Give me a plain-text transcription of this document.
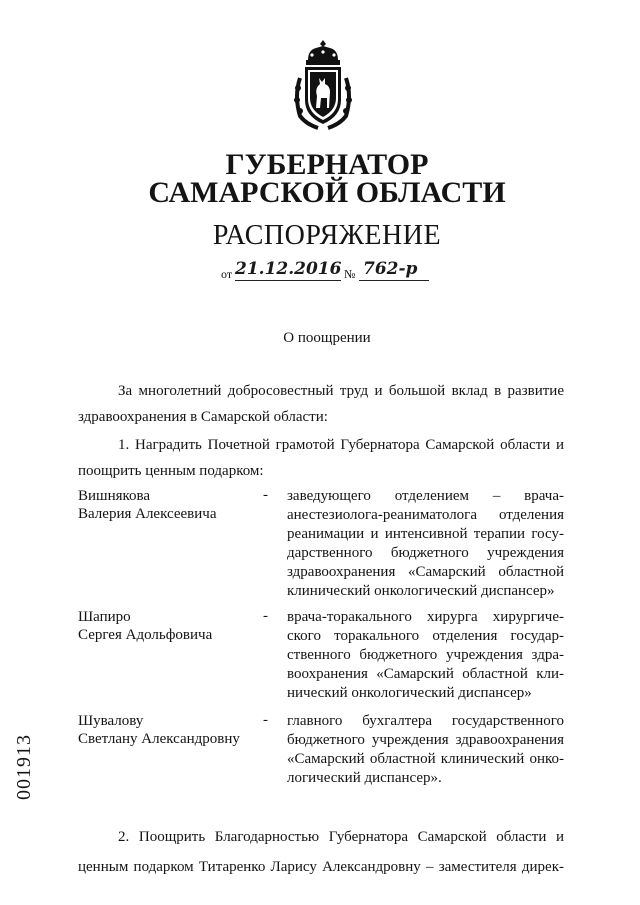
ГУБЕРНАТОР
САМАРСКОЙ ОБЛАСТИ
РАСПОРЯЖЕНИЕ
от 21.12.2016 № 762-р
О поощрении
За многолетний добросовестный труд и большой вклад в развитие
здравоохранения в Самарской области:
1. Наградить Почетной грамотой Губернатора Самарской области и
поощрить ценным подарком:
Вишнякова
Валерия Алексеевича
- заведующего отделением – врача-
анестезиолога-реаниматолога отделения
реанимации и интенсивной терапии госу-
дарственного бюджетного учреждения
здравоохранения «Самарский областной
клинический онкологический диспансер»
Шапиро
Сергея Адольфовича
- врача-торакального хирурга хирургиче-
ского торакального отделения государ-
ственного бюджетного учреждения здра-
воохранения «Самарский областной кли-
нический онкологический диспансер»
Шувалову
Светлану Александровну
- главного бухгалтера государственного
бюджетного учреждения здравоохранения
«Самарский областной клинический онко-
логический диспансер».
2. Поощрить Благодарностью Губернатора Самарской области и
ценным подарком Титаренко Ларису Александровну – заместителя дирек-
001913
